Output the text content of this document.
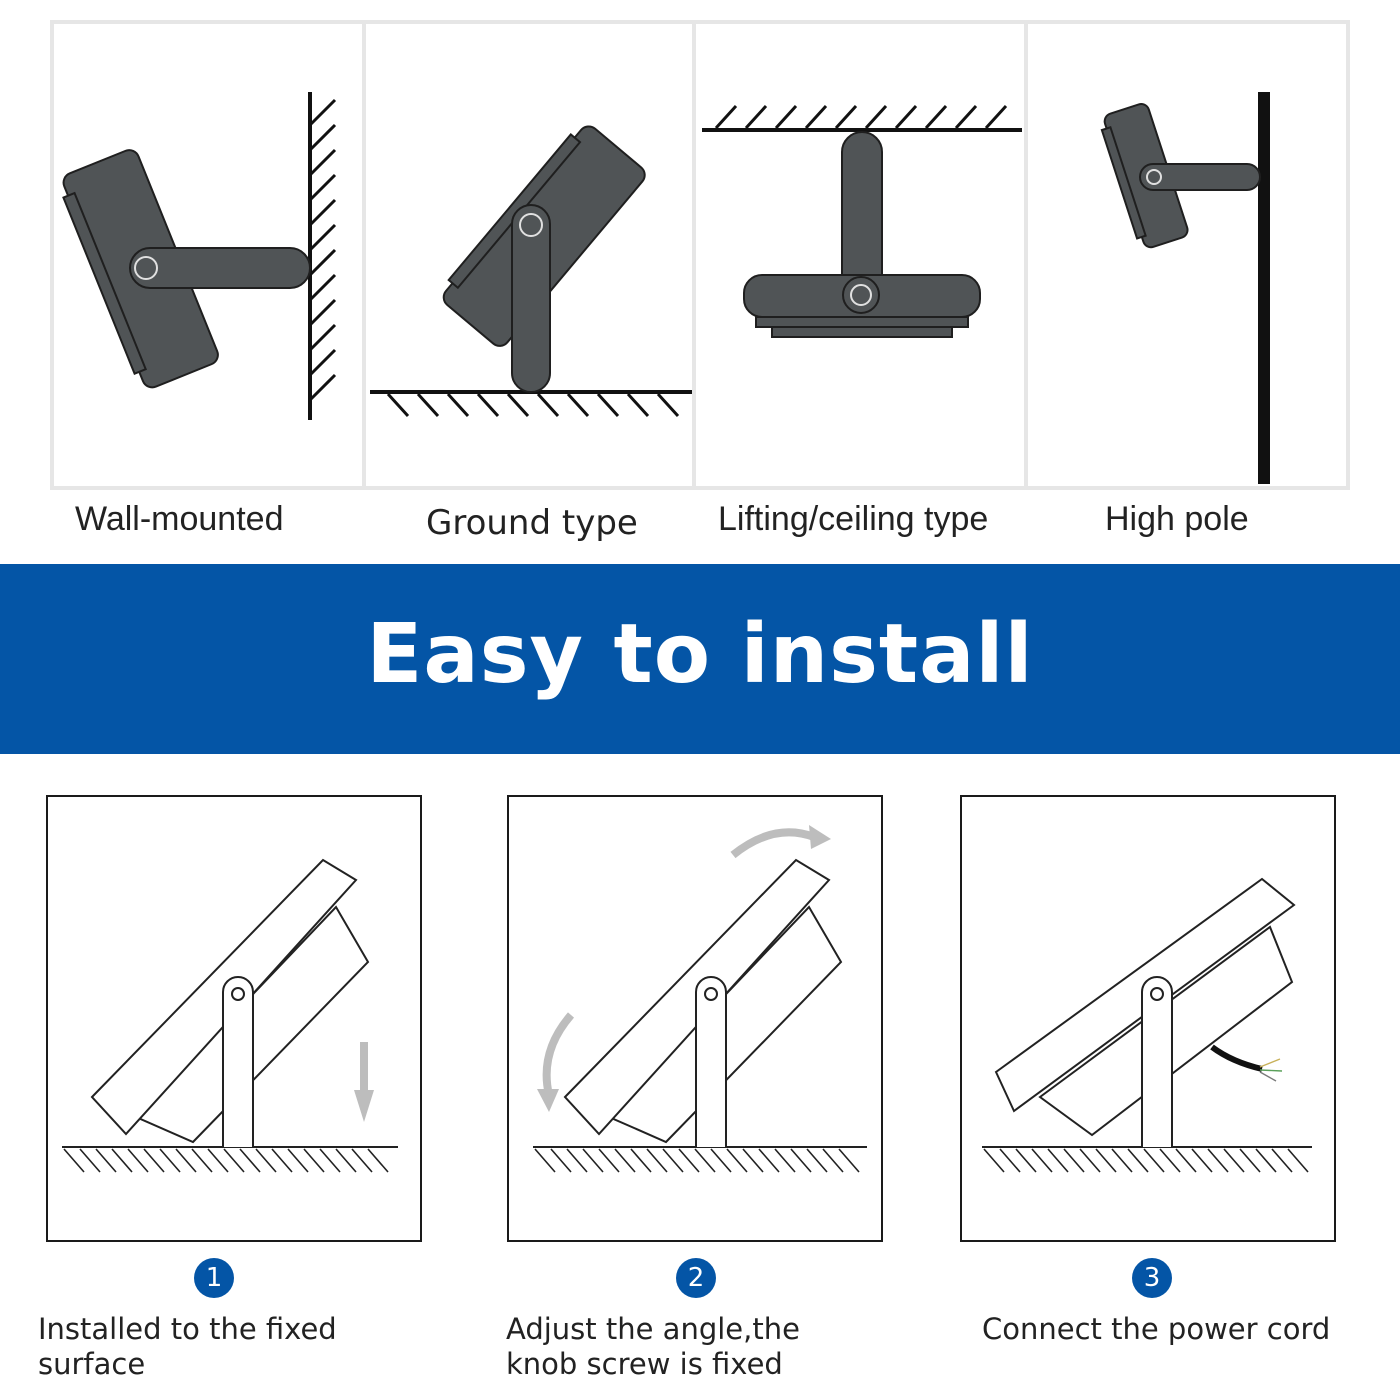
Wall-mounted	Ground type Lifting/ceiling type	High pole
Easy to install
1	2	3
Installed to the fixed surface
Adjust the angle,the knob screw is fixed
Connect the power cord
